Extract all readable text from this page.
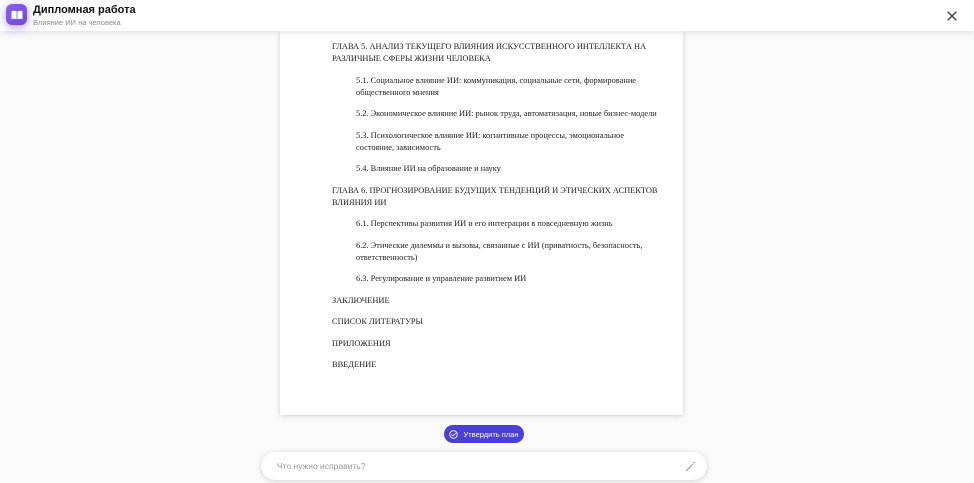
Дипломная работа
Влияние ИИ на человека
ГЛАВА 5. АНАЛИЗ ТЕКУЩЕГО ВЛИЯНИЯ ИСКУССТВЕННОГО ИНТЕЛЛЕКТА НА РАЗЛИЧНЫЕ СФЕРЫ ЖИЗНИ ЧЕЛОВЕКА
5.1. Социальное влияние ИИ: коммуникация, социальные сети, формирование общественного мнения
5.2. Экономическое влияние ИИ: рынок труда, автоматизация, новые бизнес-модели
5.3. Психологическое влияние ИИ: когнитивные процессы, эмоциональное состояние, зависимость
5.4. Влияние ИИ на образование и науку
ГЛАВА 6. ПРОГНОЗИРОВАНИЕ БУДУЩИХ ТЕНДЕНЦИЙ И ЭТИЧЕСКИХ АСПЕКТОВ ВЛИЯНИЯ ИИ
6.1. Перспективы развития ИИ и его интеграции в повседневную жизнь
6.2. Этические дилеммы и вызовы, связанные с ИИ (приватность, безопасность, ответственность)
6.3. Регулирование и управление развитием ИИ
ЗАКЛЮЧЕНИЕ
СПИСОК ЛИТЕРАТУРЫ
ПРИЛОЖЕНИЯ
ВВЕДЕНИЕ
Утвердить план
Что нужно исправить?
